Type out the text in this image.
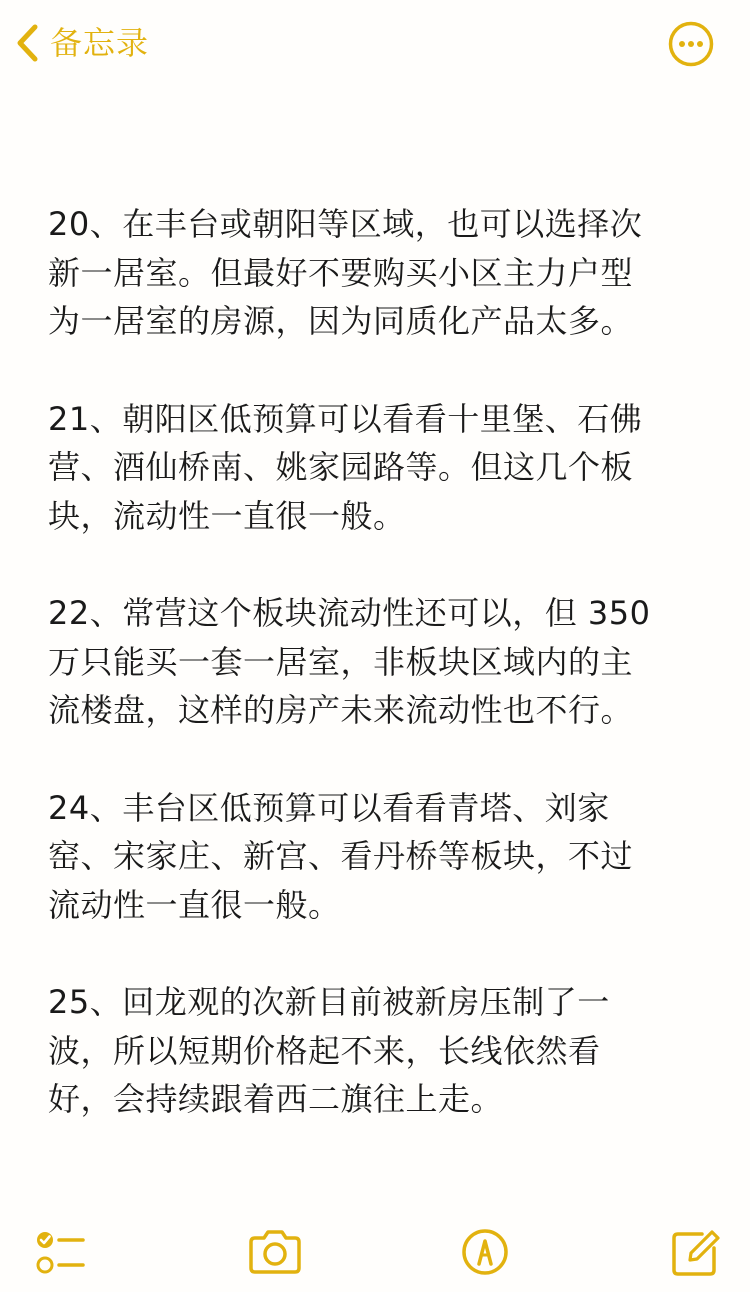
备忘录
20、在丰台或朝阳等区域，也可以选择次
新一居室。但最好不要购买小区主力户型
为一居室的房源，因为同质化产品太多。
21、朝阳区低预算可以看看十里堡、石佛
营、酒仙桥南、姚家园路等。但这几个板
块，流动性一直很一般。
22、常营这个板块流动性还可以，但 350
万只能买一套一居室，非板块区域内的主
流楼盘，这样的房产未来流动性也不行。
24、丰台区低预算可以看看青塔、刘家
窑、宋家庄、新宫、看丹桥等板块，不过
流动性一直很一般。
25、回龙观的次新目前被新房压制了一
波，所以短期价格起不来，长线依然看
好，会持续跟着西二旗往上走。
